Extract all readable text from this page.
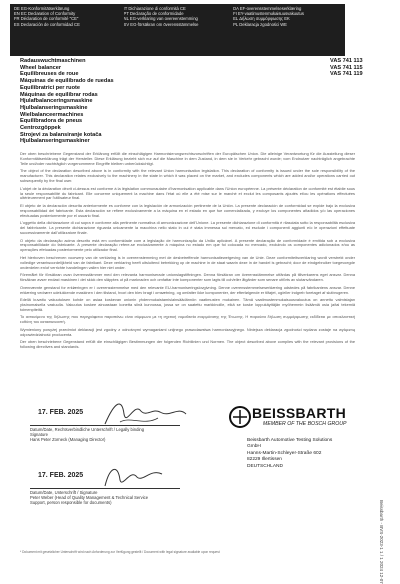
DE EG-Konformitätserklärung
EN EC Declaration of Conformity
FR Déclaration de conformité "CE"
ES Declaración de conformidad CE
IT Dichiarazione di conformità CE
PT Declaração de conformidade
NL EG-verklaring van overeenstemming
SV EG-försäkran om överensstämmelse
DA EF-overensstemmelseserklæring
FI EY-vaatimustenmukaisuusvakuutus
EL Δήλωση συμμόρφωσης ΕΚ
PL Deklaracja zgodności WE
Radauswuchtmaschinen	VAS 741 113
Wheel balancer	VAS 741 115
Equilibreuses de roue	VAS 741 119
Máquinas de equilibrado de ruedas
Equilibratrici per ruote
Máquinas de equilibrar rodas
Hjulafbalanceringsmaskine
Hjulbalanseringsmaskine
Wielbalanceermachines
Equilibradora de pneus
Centrozgöppek
Strojevi za balansiranje kotača
Hjulbalanseringsmaskiner

Der oben beschriebene Gegenstand der Erklärung erfüllt die einschlägigen Harmonisierungsrechtsvorschriften der Europäischen Union. Die alleinige Verantwortung für die Ausstellung dieser Konformitätserklärung trägt der Hersteller. Diese Erklärung bezieht sich nur auf die Maschine in dem Zustand, in dem sie in Verkehr gebracht wurde; vom Endnutzer nachträglich angebrachte Teile und/oder nachträglich vorgenommene Eingriffe bleiben unberücksichtigt.

The object of the declaration described above is in conformity with the relevant Union harmonisation legislation. This declaration of conformity is issued under the sole responsibility of the manufacturer. This declaration relates exclusively to the machinery in the state in which it was placed on the market, and excludes components which are added and/or operations carried out subsequently by the final user.

L'objet de la déclaration décrit ci-dessus est conforme à la législation communautaire d'harmonisation applicable dans l'Union européenne. La présente déclaration de conformité est établie sous la seule responsabilité du fabricant. Elle concerne uniquement la machine dans l'état où elle a été mise sur le marché et exclut les composants ajoutés et/ou les opérations effectuées ultérieurement par l'utilisateur final.

El objeto de la declaración descrita anteriormente es conforme con la legislación de armonización pertinente de la Unión. La presente declaración de conformidad se expide bajo la exclusiva responsabilidad del fabricante. Esta declaración se refiere exclusivamente a la máquina en el estado en que fue comercializada, y excluye los componentes añadidos y/o las operaciones efectuadas posteriormente por el usuario final.

L'oggetto della dichiarazione di cui sopra è conforme alla pertinente normativa di armonizzazione dell'Unione. La presente dichiarazione di conformità è rilasciata sotto la responsabilità esclusiva del fabbricante. La presente dichiarazione riguarda unicamente la macchina nello stato in cui è stata immessa sul mercato, ed esclude i componenti aggiunti e/o le operazioni effettuate successivamente dall'utilizzatore finale.

O objeto da declaração acima descrito está em conformidade com a legislação de harmonização da União aplicável. A presente declaração de conformidade é emitida sob a exclusiva responsabilidade do fabricante. A presente declaração refere-se exclusivamente à máquina no estado em que foi colocada no mercado, excluindo os componentes adicionados e/ou as operações efetuadas posteriormente pelo utilizador final.

Het hierboven beschreven voorwerp van de verklaring is in overeenstemming met de desbetreffende harmonisatiewetgeving van de Unie. Deze conformiteitsverklaring wordt verstrekt onder volledige verantwoordelijkheid van de fabrikant. Deze verklaring heeft uitsluitend betrekking op de machine in de staat waarin deze in de handel is gebracht; door de eindgebruiker toegevoegde onderdelen en/of verrichte handelingen vallen hier niet onder.

Föremålet för försäkran ovan överensstämmer med den relevanta harmoniserade unionslagstiftningen. Denna försäkran om överensstämmelse utfärdas på tillverkarens eget ansvar. Denna försäkran avser endast maskinen i det skick den släpptes ut på marknaden och omfattar inte komponenter som lagts till och/eller åtgärder som senare utförts av slutanvändaren.

Ovennævnte genstand for erklæringen er i overensstemmelse med den relevante EU-harmoniseringslovgivning. Denne overensstemmelseserklæring udstedes på fabrikantens ansvar. Denne erklæring vedrører udelukkende maskinen i den tilstand, hvori den blev bragt i omsætning, og omfatter ikke komponenter, der efterfølgende er tilføjet, og/eller indgreb foretaget af slutbrugeren.

Edellä kuvattu vakuutuksen kohde on asiaa koskevan unionin yhdenmukaistamislainsäädännön vaatimusten mukainen. Tämä vaatimustenmukaisuusvakuutus on annettu valmistajan yksinomaisella vastuulla. Vakuutus koskee ainoastaan konetta siinä kunnossa, jossa se on saatettu markkinoille, eikä se koske loppukäyttäjän myöhemmin lisäämiä osia ja/tai tekemiä toimenpiteitä.

Το αντικείμενο της δήλωσης που περιγράφεται παραπάνω είναι σύμφωνο με τη σχετική νομοθεσία εναρμόνισης της Ένωσης. Η παρούσα δήλωση συμμόρφωσης εκδίδεται με αποκλειστική ευθύνη του κατασκευαστή.

Wymieniony powyżej przedmiot deklaracji jest zgodny z odnośnymi wymaganiami unijnego prawodawstwa harmonizacyjnego. Niniejsza deklaracja zgodności wydana zostaje na wyłączną odpowiedzialność producenta.

Der oben beschriebene Gegenstand erfüllt die einschlägigen Bestimmungen der folgenden Richtlinien und Normen. The object described above complies with the relevant provisions of the following directives and standards.

17. FEB. 2025
Datum/Date, Rechtsverbindliche Unterschrift / Legally binding
Signature
Hans Peter Zorneck (Managing Director)
17. FEB. 2025
Datum/Date, Unterschrift / Signature
Peter Weber (Head of Quality Management & Technical Service
Support, person responsible for documents)
BEISSBARTH
MEMBER OF THE BOSCH GROUP
Beissbarth Automotive Testing Solutions
GmbH
Hanns-Martin-Schleyer-Straße 602
82229 Illertissen
DEUTSCHLAND
* Dokument mit gesetzlicher Unterschrift wird nach Anforderung zur Verfügung gestellt / Document with legal signature available upon request	Beissbarth - BVS-2023-1 1 / 1 2024 12-07
